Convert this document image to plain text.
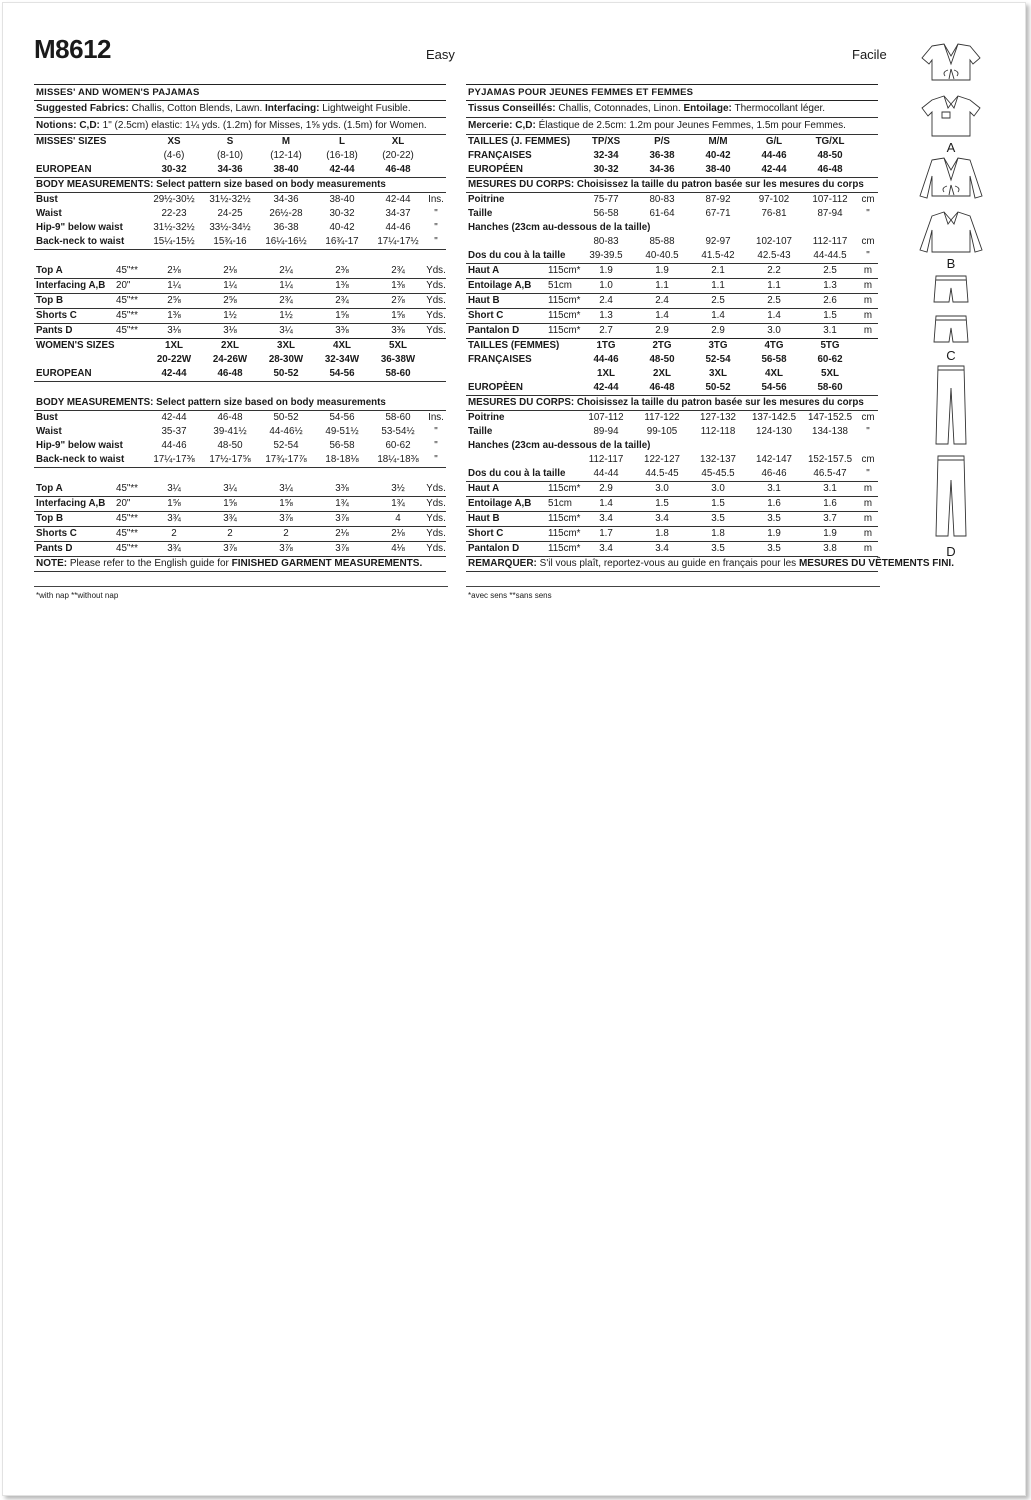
M8612	Easy	Facile
MISSES' AND WOMEN'S PAJAMAS
Suggested Fabrics: Challis, Cotton Blends, Lawn. Interfacing: Lightweight Fusible.
Notions: C,D: 1" (2.5cm) elastic: 1¼ yds. (1.2m) for Misses, 1⅝ yds. (1.5m) for Women.
MISSES' SIZES		XS	S	M	L	XL	
		(4-6)	(8-10)	(12-14)	(16-18)	(20-22)	
EUROPEAN		30-32	34-36	38-40	42-44	46-48	
BODY MEASUREMENTS: Select pattern size based on body measurements							
Bust		29½-30½	31½-32½	34-36	38-40	42-44	Ins.
Waist		22-23	24-25	26½-28	30-32	34-37	"
Hip-9" below waist		31½-32½	33½-34½	36-38	40-42	44-46	"
Back-neck to waist		15¼-15½	15¾-16	16¼-16½	16¾-17	17¼-17½	"

Top A	45"**	2⅛	2⅛	2¼	2⅜	2¾	Yds.
Interfacing A,B	20"	1¼	1¼	1¼	1⅜	1⅜	Yds.
Top B	45"**	2⅝	2⅝	2¾	2¾	2⅞	Yds.
Shorts C	45"**	1⅜	1½	1½	1⅝	1⅝	Yds.
Pants D	45"**	3⅛	3⅛	3¼	3⅜	3⅜	Yds.
WOMEN'S SIZES		1XL	2XL	3XL	4XL	5XL	
		20-22W	24-26W	28-30W	32-34W	36-38W	
EUROPEAN		42-44	46-48	50-52	54-56	58-60	

BODY MEASUREMENTS: Select pattern size based on body measurements							
Bust		42-44	46-48	50-52	54-56	58-60	Ins.
Waist		35-37	39-41½	44-46½	49-51½	53-54½	"
Hip-9" below waist		44-46	48-50	52-54	56-58	60-62	"
Back-neck to waist		17¼-17⅜	17½-17⅝	17¾-17⅞	18-18⅛	18¼-18⅜	"

Top A	45"**	3¼	3¼	3¼	3⅜	3½	Yds.
Interfacing A,B	20"	1⅝	1⅝	1⅝	1¾	1¾	Yds.
Top B	45"**	3¾	3¾	3⅞	3⅞	4	Yds.
Shorts C	45"**	2	2	2	2⅛	2⅛	Yds.
Pants D	45"**	3¾	3⅞	3⅞	3⅞	4⅛	Yds.
NOTE: Please refer to the English guide for FINISHED GARMENT MEASUREMENTS.
*with nap **without nap
PYJAMAS POUR JEUNES FEMMES ET FEMMES
Tissus Conseillés: Challis, Cotonnades, Linon. Entoilage: Thermocollant léger.
Mercerie: C,D: Élastique de 2.5cm: 1.2m pour Jeunes Femmes, 1.5m pour Femmes.
TAILLES (J. FEMMES)		TP/XS	P/S	M/M	G/L	TG/XL	
FRANÇAISES		32-34	36-38	40-42	44-46	48-50	
EUROPÉEN		30-32	34-36	38-40	42-44	46-48	
MESURES DU CORPS: Choisissez la taille du patron basée sur les mesures du corps							
Poitrine		75-77	80-83	87-92	97-102	107-112	cm
Taille		56-58	61-64	67-71	76-81	87-94	"
Hanches (23cm au-dessous de la taille)							
		80-83	85-88	92-97	102-107	112-117	cm
Dos du cou à la taille		39-39.5	40-40.5	41.5-42	42.5-43	44-44.5	"
Haut A	115cm*	1.9	1.9	2.1	2.2	2.5	m
Entoilage A,B	51cm	1.0	1.1	1.1	1.1	1.3	m
Haut B	115cm*	2.4	2.4	2.5	2.5	2.6	m
Short C	115cm*	1.3	1.4	1.4	1.4	1.5	m
Pantalon D	115cm*	2.7	2.9	2.9	3.0	3.1	m
TAILLES (FEMMES)		1TG	2TG	3TG	4TG	5TG	
FRANÇAISES		44-46	48-50	52-54	56-58	60-62	
		1XL	2XL	3XL	4XL	5XL	
EUROPÈEN		42-44	46-48	50-52	54-56	58-60	
MESURES DU CORPS: Choisissez la taille du patron basée sur les mesures du corps							
Poitrine		107-112	117-122	127-132	137-142.5	147-152.5	cm
Taille		89-94	99-105	112-118	124-130	134-138	"
Hanches (23cm au-dessous de la taille)							
		112-117	122-127	132-137	142-147	152-157.5	cm
Dos du cou à la taille		44-44	44.5-45	45-45.5	46-46	46.5-47	"
Haut A	115cm*	2.9	3.0	3.0	3.1	3.1	m
Entoilage A,B	51cm	1.4	1.5	1.5	1.6	1.6	m
Haut B	115cm*	3.4	3.4	3.5	3.5	3.7	m
Short C	115cm*	1.7	1.8	1.8	1.9	1.9	m
Pantalon D	115cm*	3.4	3.4	3.5	3.5	3.8	m
REMARQUER: S'il vous plaît, reportez-vous au guide en français pour les MESURES DU VÊTEMENTS FINI.
*avec sens **sans sens
A
B
C
D
